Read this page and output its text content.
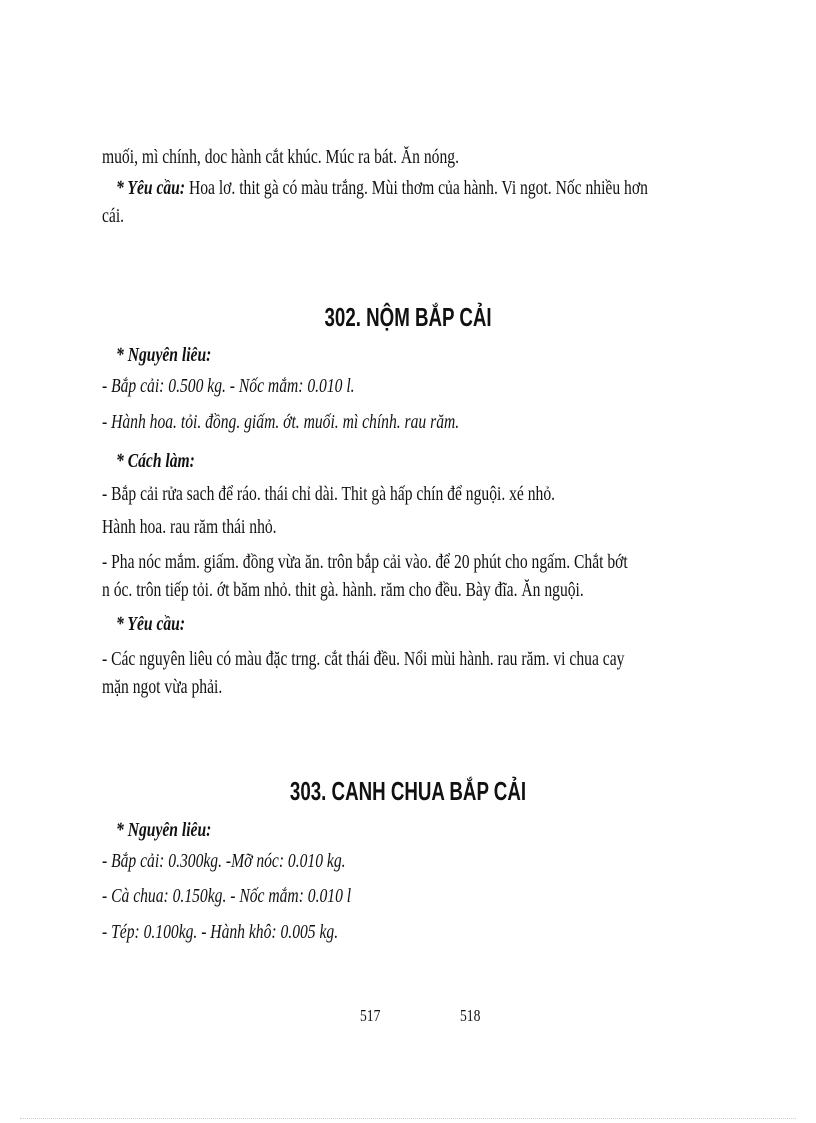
muối, mì chính, doc hành cắt khúc. Múc ra bát. Ăn nóng.
* Yêu cầu: Hoa lơ. thit gà có màu trắng. Mùi thơm của hành. Vi ngot. Nốc nhiều hơn
cái.
302. NỘM BẮP CẢI
* Nguyên liêu:
- Bắp cải: 0.500 kg. - Nốc mắm: 0.010 l.
- Hành hoa. tỏi. đồng. giấm. ớt. muối. mì chính. rau răm.
* Cách làm:
- Bắp cải rửa sach để ráo. thái chỉ dài. Thit gà hấp chín để nguội. xé nhỏ.
Hành hoa. rau răm thái nhỏ.
- Pha nóc mắm. giấm. đồng vừa ăn. trôn bắp cải vào. để 20 phút cho ngấm. Chắt bớt
n óc. trôn tiếp tỏi. ớt băm nhỏ. thit gà. hành. răm cho đều. Bày đĩa. Ăn nguội.
* Yêu cầu:
- Các nguyên liêu có màu đặc trng. cắt thái đều. Nổi mùi hành. rau răm. vi chua cay
mặn ngot vừa phải.
303. CANH CHUA BẮP CẢI
* Nguyên liêu:
- Bắp cải: 0.300kg. -Mỡ nóc: 0.010 kg.
- Cà chua: 0.150kg. - Nốc mắm: 0.010 l
- Tép: 0.100kg. - Hành khô: 0.005 kg.
517	518
